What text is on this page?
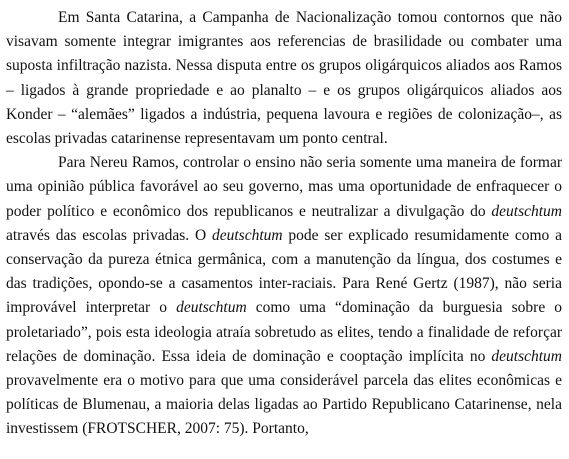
Em Santa Catarina, a Campanha de Nacionalização tomou contornos que não visavam somente integrar imigrantes aos referencias de brasilidade ou combater uma suposta infiltração nazista. Nessa disputa entre os grupos oligárquicos aliados aos Ramos – ligados à grande propriedade e ao planalto – e os grupos oligárquicos aliados aos Konder – “alemães” ligados a indústria, pequena lavoura e regiões de colonização–, as escolas privadas catarinense representavam um ponto central.

Para Nereu Ramos, controlar o ensino não seria somente uma maneira de formar uma opinião pública favorável ao seu governo, mas uma oportunidade de enfraquecer o poder político e econômico dos republicanos e neutralizar a divulgação do deutschtum através das escolas privadas. O deutschtum pode ser explicado resumidamente como a conservação da pureza étnica germânica, com a manutenção da língua, dos costumes e das tradições, opondo-se a casamentos inter-raciais. Para René Gertz (1987), não seria improvável interpretar o deutschtum como uma “dominação da burguesia sobre o proletariado”, pois esta ideologia atraía sobretudo as elites, tendo a finalidade de reforçar relações de dominação. Essa ideia de dominação e cooptação implícita no deutschtum provavelmente era o motivo para que uma considerável parcela das elites econômicas e políticas de Blumenau, a maioria delas ligadas ao Partido Republicano Catarinense, nela investissem (FROTSCHER, 2007: 75). Portanto,
